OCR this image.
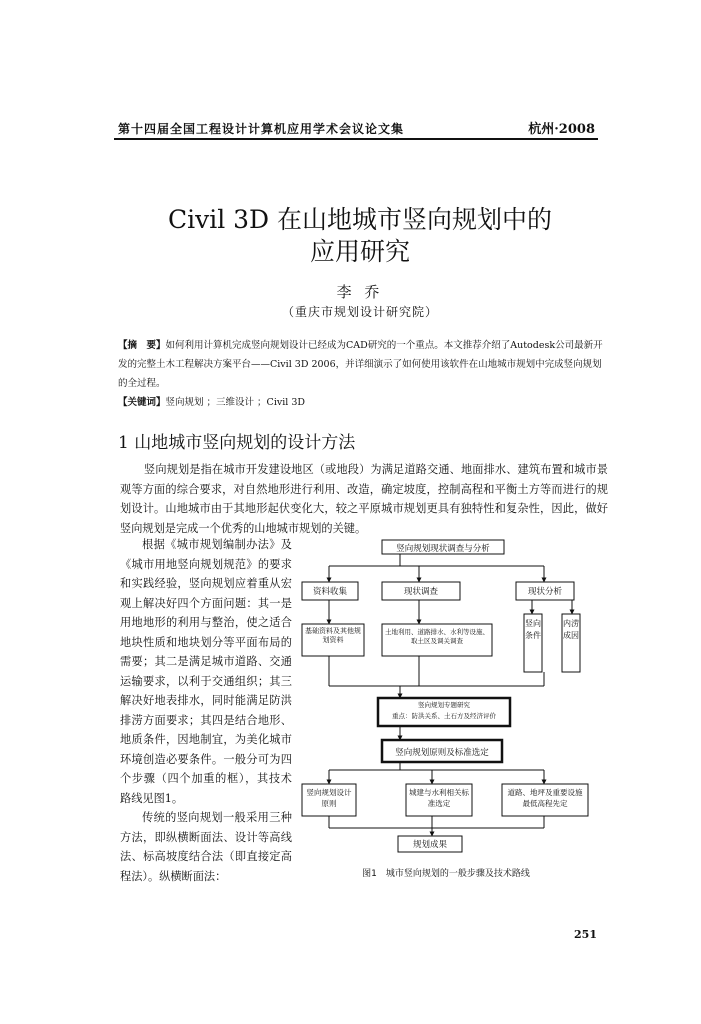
第十四届全国工程设计计算机应用学术会议论文集	杭州·2008
Civil 3D 在山地城市竖向规划中的
应用研究
李 乔
（重庆市规划设计研究院）
【摘　要】如何利用计算机完成竖向规划设计已经成为CAD研究的一个重点。本文推荐介绍了Autodesk公司最新开发的完整土木工程解决方案平台——Civil 3D 2006，并详细演示了如何使用该软件在山地城市规划中完成竖向规划的全过程。
【关键词】竖向规划 ；三维设计 ；Civil 3D
1 山地城市竖向规划的设计方法
竖向规划是指在城市开发建设地区（或地段）为满足道路交通、地面排水、建筑布置和城市景观等方面的综合要求，对自然地形进行利用、改造，确定坡度，控制高程和平衡土方等而进行的规划设计。山地城市由于其地形起伏变化大，较之平原城市规划更具有独特性和复杂性，因此，做好竖向规划是完成一个优秀的山地城市规划的关键。

根据《城市规划编制办法》及《城市用地竖向规划规范》的要求和实践经验，竖向规划应着重从宏观上解决好四个方面问题：其一是用地地形的利用与整治，使之适合地块性质和地块划分等平面布局的需要；其二是满足城市道路、交通运输要求，以利于交通组织；其三解决好地表排水，同时能满足防洪排涝方面要求；其四是结合地形、地质条件，因地制宜，为美化城市环境创造必要条件。一般分可为四个步骤（四个加重的框），其技术路线见图1。

传统的竖向规划一般采用三种方法，即纵横断面法、设计等高线法、标高坡度结合法（即直接定高程法）。纵横断面法：

竖向规划现状调查与分析
资料收集	现状调查	现状分析
基础资料及其他规划资料
土地利用、道路排水、水利等设施、取土区及调关调查
竖向条件
内涝成因
竖向规划专题研究
重点：防洪关系、土石方及经济评价
竖向规划原则及标准选定
竖向规划设计原则
城建与水利相关标准选定
道路、地坪及重要设施最低高程先定
规划成果
图1　城市竖向规划的一般步骤及技术路线
251
